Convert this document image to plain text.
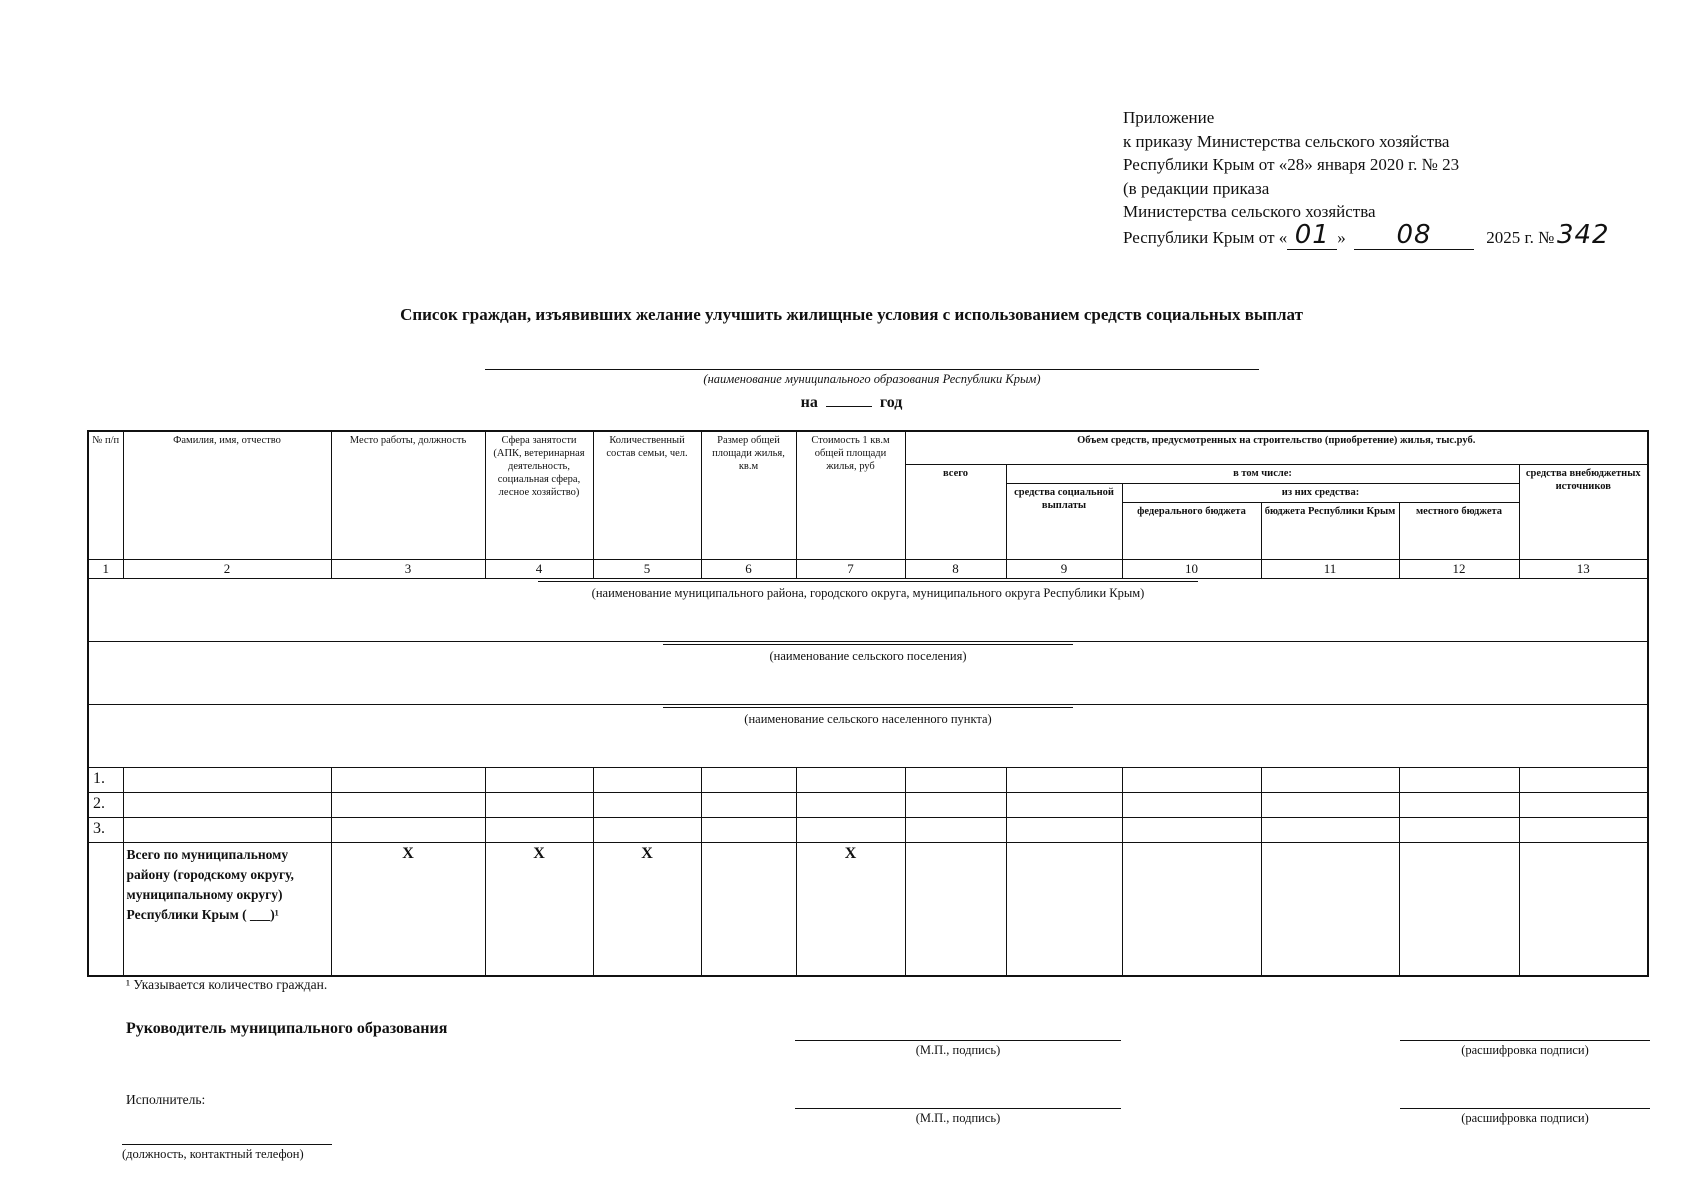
Приложение
к приказу Министерства сельского хозяйства
Республики Крым от «28» января 2020 г. № 23
(в редакции приказа
Министерства сельского хозяйства
Республики Крым от « 01 » 08	2025 г. № 342
Список граждан, изъявивших желание улучшить жилищные условия с использованием средств социальных выплат
(наименование муниципального образования Республики Крым)
на	год
№ п/п	Фамилия, имя, отчество	Место работы, должность	Сфера занятости (АПК, ветеринарная деятельность, социальная сфера, лесное хозяйство)	Количественный состав семьи, чел.	Размер общей площади жилья, кв.м	Стоимость 1 кв.м общей площади жилья, руб	Объем средств, предусмотренных на строительство (приобретение) жилья, тыс.руб.					
							всего	в том числе:				средства внебюджетных источников
								средства социальной выплаты	из них средства:			
									федерального бюджета	бюджета Республики Крым	местного бюджета	
1	2	3	4	5	6	7	8	9	10	11	12	13

(наименование муниципального района, городского округа, муниципального округа Республики Крым)												

(наименование сельского поселения)												

(наименование сельского населенного пункта)												

1.												
2.												
3.												
	Всего по муниципальному району (городскому округу, муниципальному округу) Республики Крым ( ___)¹	X	X	X		X						
¹ Указывается количество граждан.
Руководитель муниципального образования
Исполнитель:
(М.П., подпись)	(расшифровка подписи)
(М.П., подпись)	(расшифровка подписи)
(должность, контактный телефон)
